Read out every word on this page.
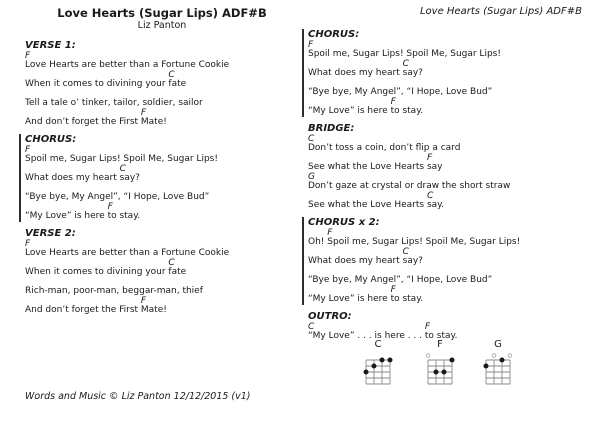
Love Hearts (Sugar Lips) ADF#B
Liz Panton
VERSE 1:
F
Love Hearts are better than a Fortune Cookie
When it comes to divining your
C
fate
Tell a tale o’ tinker, tailor, soldier, sailor
And don’t forget the First
F
Mate!
CHORUS:
F
Spoil me, Sugar Lips! Spoil Me, Sugar Lips!
What does my heart
C
say?
“Bye bye, My Angel”, “I Hope, Love Bud”
“My Love” is here
F
to stay.
VERSE 2:
F
Love Hearts are better than a Fortune Cookie
When it comes to divining your
C
fate
Rich-man, poor-man, beggar-man, thief
And don’t forget the First
F
Mate!
Love Hearts (Sugar Lips) ADF#B
CHORUS:
F
Spoil me, Sugar Lips! Spoil Me, Sugar Lips!
What does my heart
C
say?
“Bye bye, My Angel”, “I Hope, Love Bud”
“My Love” is here
F
to stay.
BRIDGE:
C
Don’t toss a coin, don’t flip a card
See what the Love Hearts
F
say
G
Don’t gaze at crystal or draw the short straw
See what the Love Hearts
C
say.
CHORUS x 2:
Oh!
F
Spoil me, Sugar Lips! Spoil Me, Sugar Lips!
What does my heart
C
say?
“Bye bye, My Angel”, “I Hope, Love Bud”
“My Love” is here
F
to stay.
OUTRO:
C
“My Love” . . . is here . . .
F
to stay.
C	F	G
Words and Music © Liz Panton 12/12/2015 (v1)
